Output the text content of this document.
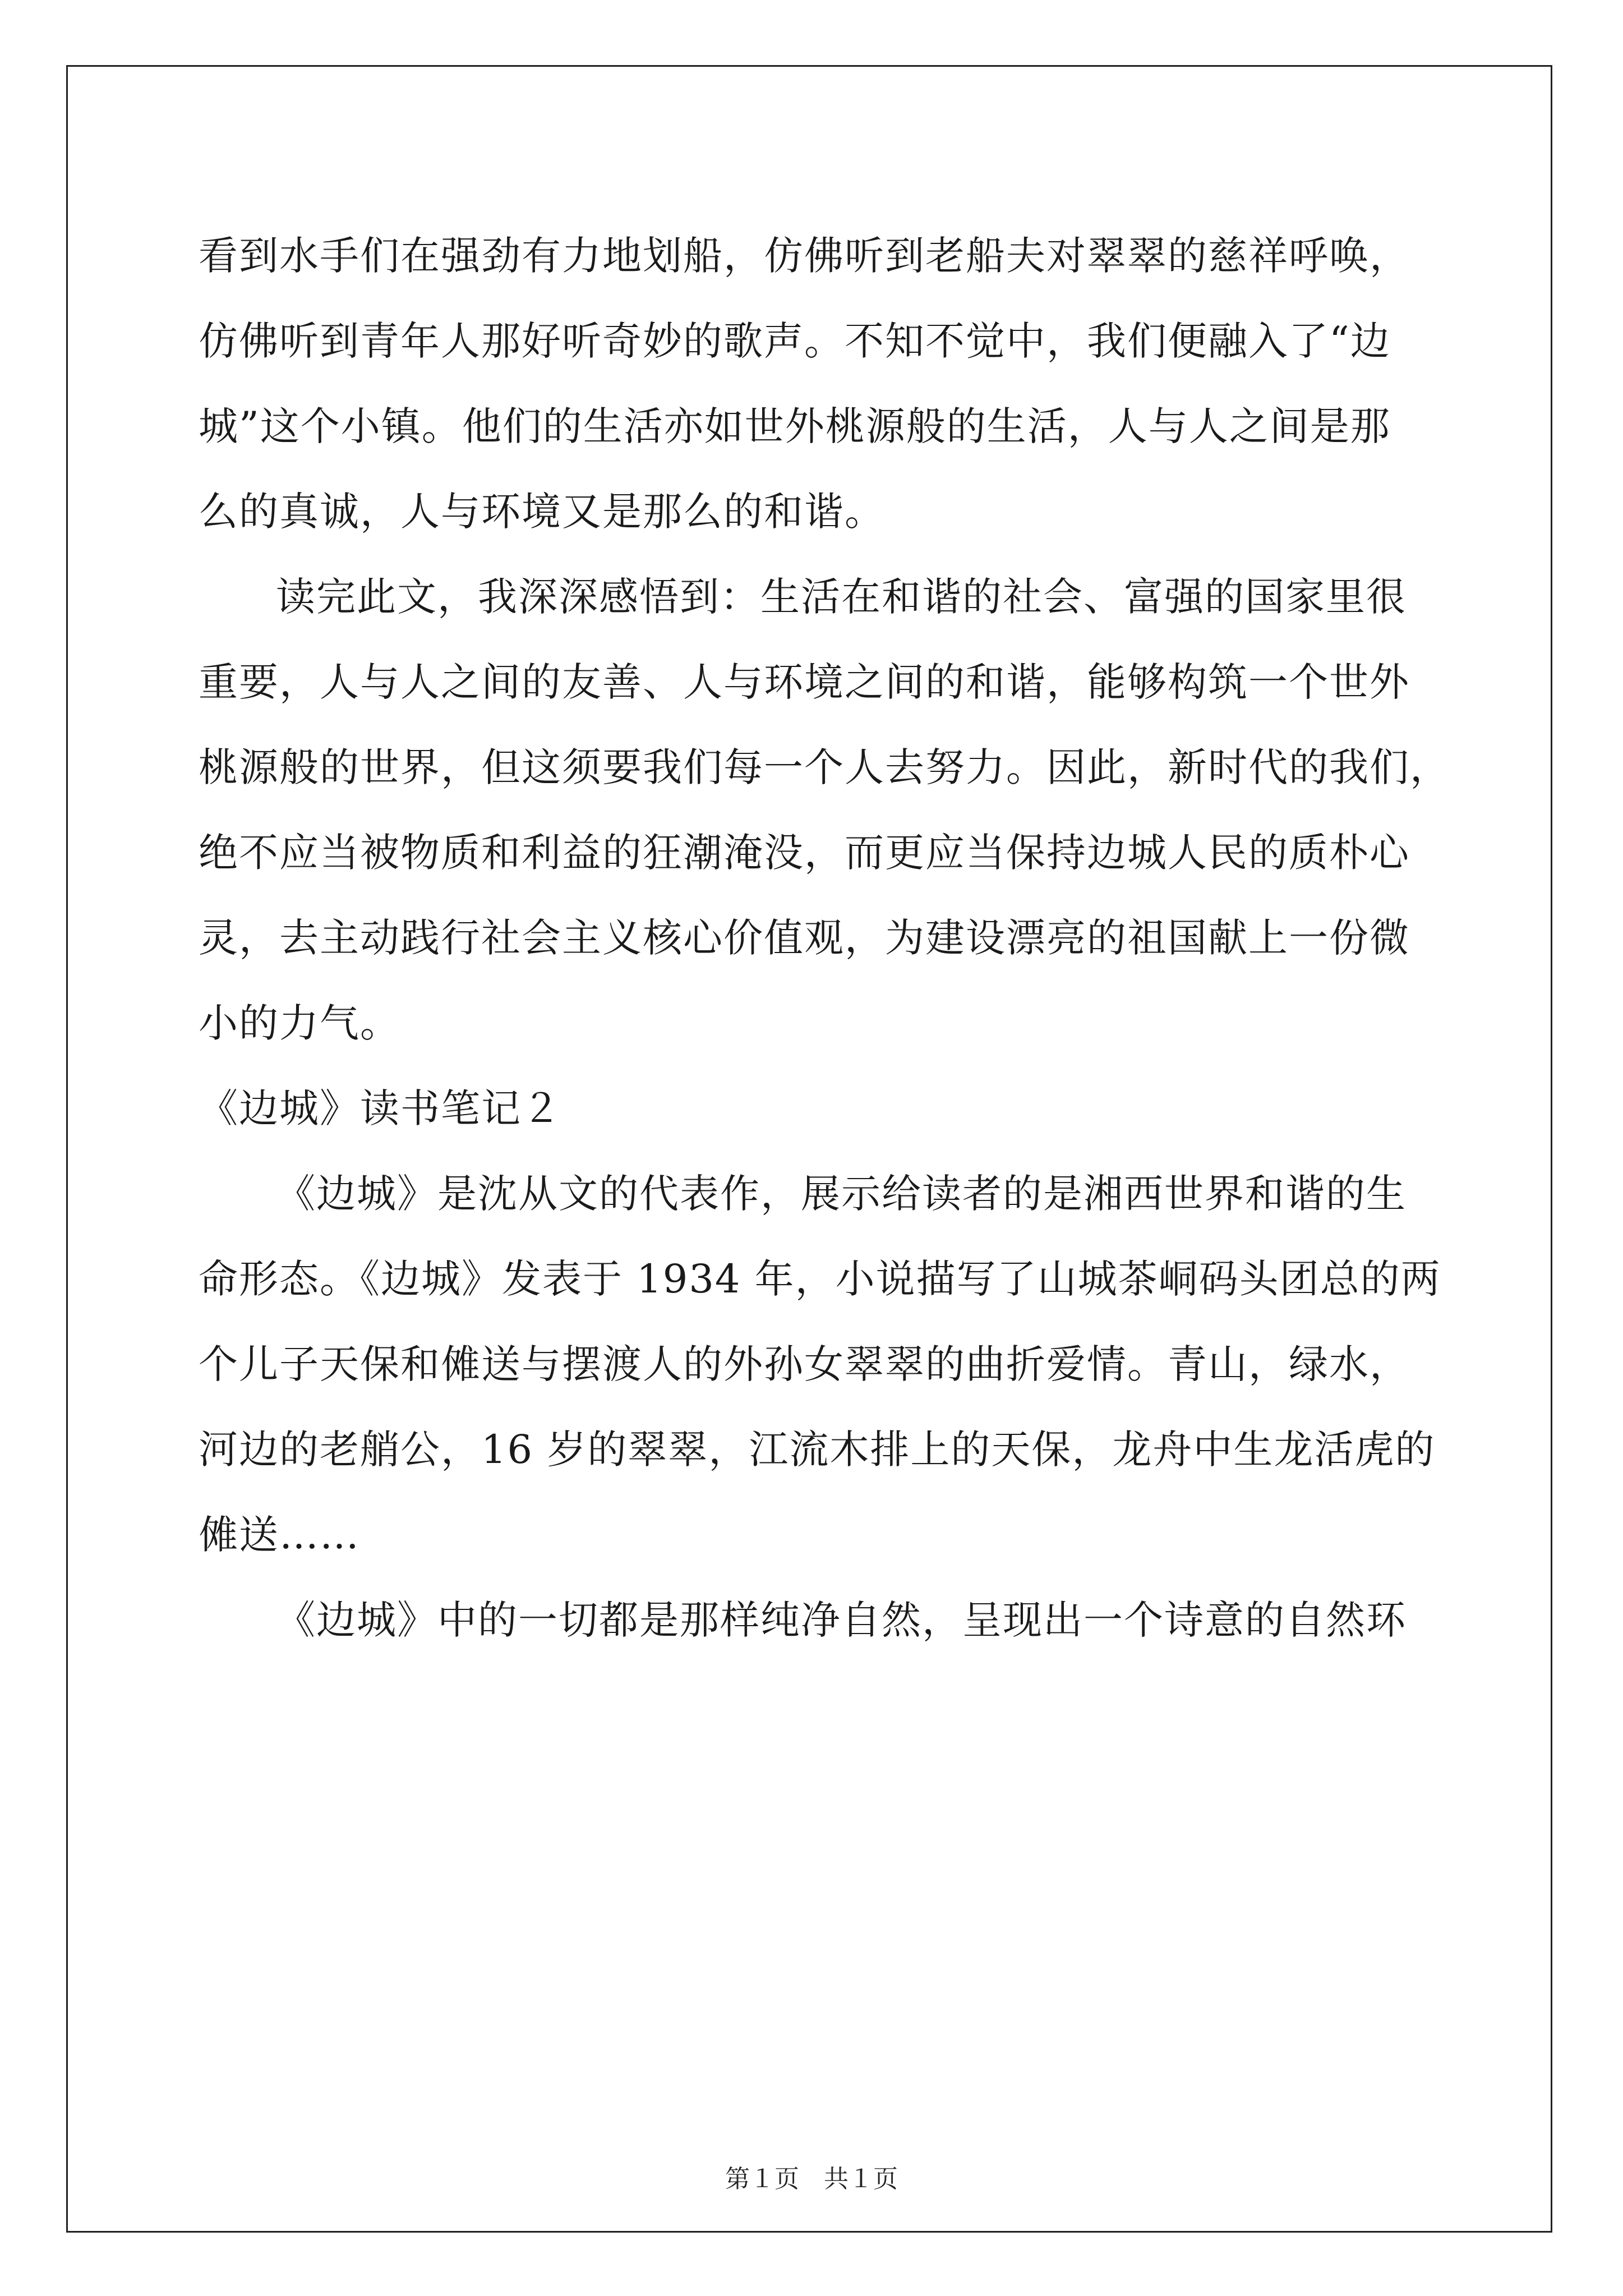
看到水手们在强劲有力地划船，仿佛听到老船夫对翠翠的慈祥呼唤，
仿佛听到青年人那好听奇妙的歌声。不知不觉中，我们便融入了“边
城”这个小镇。他们的生活亦如世外桃源般的生活，人与人之间是那
么的真诚，人与环境又是那么的和谐。
读完此文，我深深感悟到：生活在和谐的社会、富强的国家里很
重要，人与人之间的友善、人与环境之间的和谐，能够构筑一个世外
桃源般的世界，但这须要我们每一个人去努力。因此，新时代的我们，
绝不应当被物质和利益的狂潮淹没，而更应当保持边城人民的质朴心
灵，去主动践行社会主义核心价值观，为建设漂亮的祖国献上一份微
小的力气。
《边城》读书笔记２
《边城》是沈从文的代表作，展示给读者的是湘西世界和谐的生
命形态。《边城》发表于 1934 年，小说描写了山城茶峒码头团总的两
个儿子天保和傩送与摆渡人的外孙女翠翠的曲折爱情。青山，绿水，
河边的老艄公，16 岁的翠翠，江流木排上的天保，龙舟中生龙活虎的
傩送……
《边城》中的一切都是那样纯净自然，呈现出一个诗意的自然环
第１页　共１页
